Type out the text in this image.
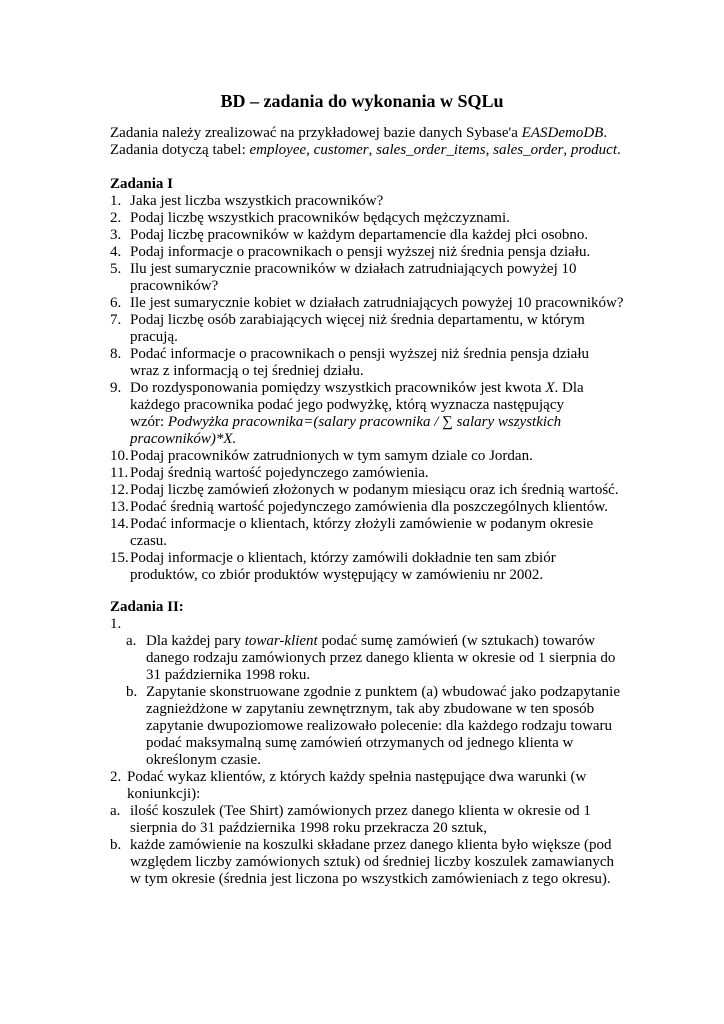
BD – zadania do wykonania w SQLu
Zadania należy zrealizować na przykładowej bazie danych Sybase'a EASDemoDB.
Zadania dotyczą tabel: employee, customer, sales_order_items, sales_order, product.
Zadania I
1. Jaka jest liczba wszystkich pracowników?
2. Podaj liczbę wszystkich pracowników będących mężczyznami.
3. Podaj liczbę pracowników w każdym departamencie dla każdej płci osobno.
4. Podaj informacje o pracownikach o pensji wyższej niż średnia pensja działu.
5. Ilu jest sumarycznie pracowników w działach zatrudniających powyżej 10 pracowników?
6. Ile jest sumarycznie kobiet w działach zatrudniających powyżej 10 pracowników?
7. Podaj liczbę osób zarabiających więcej niż średnia departamentu, w którym pracują.
8. Podać informacje o pracownikach o pensji wyższej niż średnia pensja działu wraz z informacją o tej średniej działu.
9. Do rozdysponowania pomiędzy wszystkich pracowników jest kwota X. Dla każdego pracownika podać jego podwyżkę, którą wyznacza następujący wzór: Podwyżka pracownika=(salary pracownika / ∑ salary wszystkich pracowników)*X.
10. Podaj pracowników zatrudnionych w tym samym dziale co Jordan.
11. Podaj średnią wartość pojedynczego zamówienia.
12. Podaj liczbę zamówień złożonych w podanym miesiącu oraz ich średnią wartość.
13. Podać średnią wartość pojedynczego zamówienia dla poszczególnych klientów.
14. Podać informacje o klientach, którzy złożyli zamówienie w podanym okresie czasu.
15. Podaj informacje o klientach, którzy zamówili dokładnie ten sam zbiór produktów, co zbiór produktów występujący w zamówieniu nr 2002.
Zadania II:
1.

a. Dla każdej pary towar-klient podać sumę zamówień (w sztukach) towarów danego rodzaju zamówionych przez danego klienta w okresie od 1 sierpnia do 31 października 1998 roku.
b. Zapytanie skonstruowane zgodnie z punktem (a) wbudować jako podzapytanie zagnieżdżone w zapytaniu zewnętrznym, tak aby zbudowane w ten sposób zapytanie dwupoziomowe realizowało polecenie: dla każdego rodzaju towaru podać maksymalną sumę zamówień otrzymanych od jednego klienta w określonym czasie.
2. Podać wykaz klientów, z których każdy spełnia następujące dwa warunki (w koniunkcji):
a. ilość koszulek (Tee Shirt) zamówionych przez danego klienta w okresie od 1 sierpnia do 31 października 1998 roku przekracza 20 sztuk,
b. każde zamówienie na koszulki składane przez danego klienta było większe (pod względem liczby zamówionych sztuk) od średniej liczby koszulek zamawianych w tym okresie (średnia jest liczona po wszystkich zamówieniach z tego okresu).
